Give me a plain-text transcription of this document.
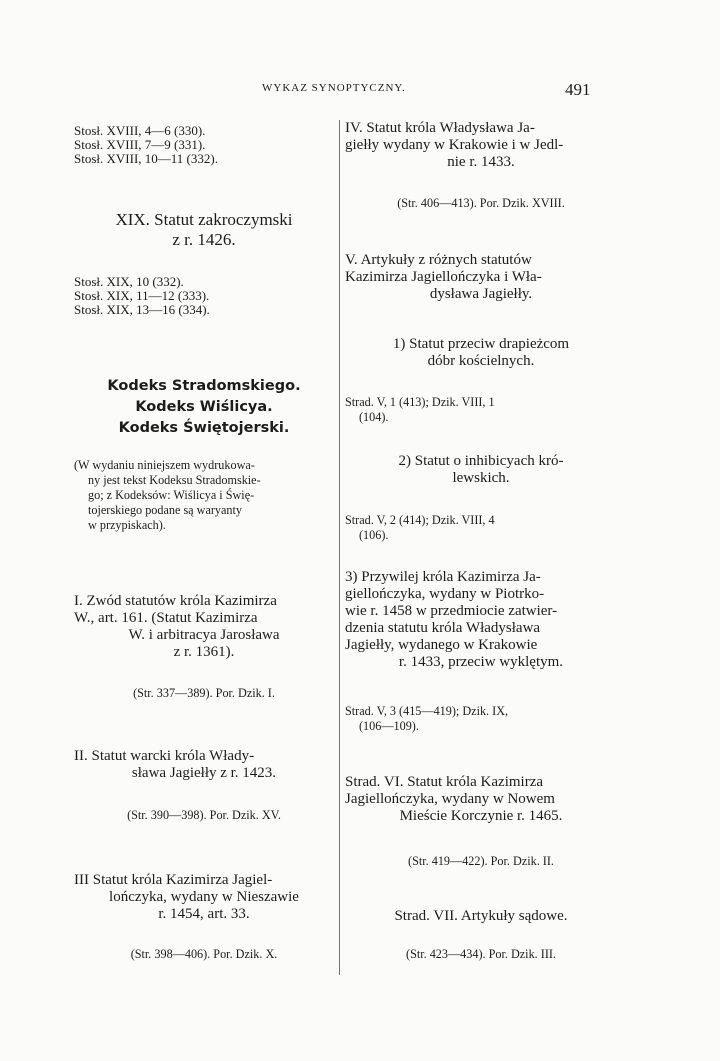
WYKAZ SYNOPTYCZNY.	491
Stosł. XVIII, 4—6 (330).
Stosł. XVIII, 7—9 (331).
Stosł. XVIII, 10—11 (332).
XIX. Statut zakroczymski
z r. 1426.
Stosł. XIX, 10 (332).
Stosł. XIX, 11—12 (333).
Stosł. XIX, 13—16 (334).
Kodeks Stradomskiego.
Kodeks Wiślicya.
Kodeks Świętojerski.
(W wydaniu niniejszem wydrukowa-
ny jest tekst Kodeksu Stradomskie-
go; z Kodeksów: Wiślicya i Świę-
tojerskiego podane są waryanty
w przypiskach).
I. Zwód statutów króla Kazimirza
W., art. 161. (Statut Kazimirza
W. i arbitracya Jarosława
z r. 1361).
(Str. 337—389). Por. Dzik. I.
II. Statut warcki króla Włady-
sława Jagiełły z r. 1423.
(Str. 390—398). Por. Dzik. XV.
III Statut króla Kazimirza Jagiel-
lończyka, wydany w Nieszawie
r. 1454, art. 33.
(Str. 398—406). Por. Dzik. X.
IV. Statut króla Władysława Ja-
giełły wydany w Krakowie i w Jedl-
nie r. 1433.
(Str. 406—413). Por. Dzik. XVIII.
V. Artykuły z różnych statutów
Kazimirza Jagiellończyka i Wła-
dysława Jagiełły.
1) Statut przeciw drapieżcom
dóbr kościelnych.
Strad. V, 1 (413); Dzik. VIII, 1
(104).
2) Statut o inhibicyach kró-
lewskich.
Strad. V, 2 (414); Dzik. VIII, 4
(106).
3) Przywilej króla Kazimirza Ja-
giellończyka, wydany w Piotrko-
wie r. 1458 w przedmiocie zatwier-
dzenia statutu króla Władysława
Jagiełły, wydanego w Krakowie
r. 1433, przeciw wyklętym.
Strad. V, 3 (415—419); Dzik. IX,
(106—109).
Strad. VI. Statut króla Kazimirza
Jagiellończyka, wydany w Nowem
Mieście Korczynie r. 1465.
(Str. 419—422). Por. Dzik. II.
Strad. VII. Artykuły sądowe.
(Str. 423—434). Por. Dzik. III.
